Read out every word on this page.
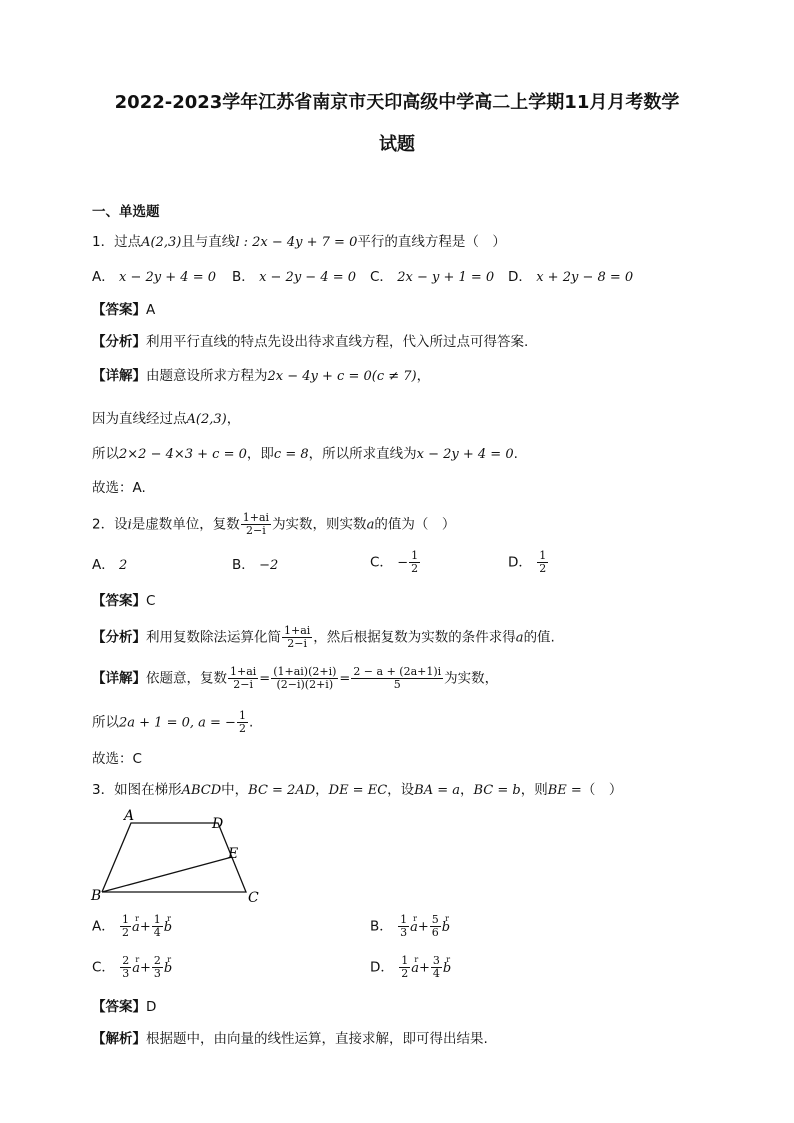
2022-2023学年江苏省南京市天印高级中学高二上学期11月月考数学
试题
一、单选题
1．过点A(2,3)且与直线l : 2x − 4y + 7 = 0平行的直线方程是（　）
A． x − 2y + 4 = 0 B． x − 2y − 4 = 0 C． 2x − y + 1 = 0 D． x + 2y − 8 = 0
【答案】A
【分析】利用平行直线的特点先设出待求直线方程，代入所过点可得答案.
【详解】由题意设所求方程为2x − 4y + c = 0(c ≠ 7)，
因为直线经过点A(2,3)，
所以2×2 − 4×3 + c = 0，即c = 8，所以所求直线为x − 2y + 4 = 0.
故选：A.
2．设i是虚数单位，复数 $\frac{1+ai}{2-i}$ 为实数，则实数a的值为（　）
A． 2	B． −2	C． − $\frac{1}{2}$	D． $\frac{1}{2}$
【答案】C
【分析】利用复数除法运算化简 $\frac{1+ai}{2-i}$ ，然后根据复数为实数的条件求得a的值.
【详解】依题意，复数 $\frac{1+ai}{2-i} = \frac{(1+ai)(2+i)}{(2-i)(2+i)} = \frac{2 - a + (2a+1)i}{5}$ 为实数，
所以2a + 1 = 0, a = − $\frac{1}{2}$ .
故选：C
3．如图在梯形ABCD中，BC = 2AD，DE = EC，设BA = a，BC = b，则BE =（　）
A	D
E
B	C
A． $\frac{1}{2}$ r $a+ \frac{1}{4}$ r b	B． $\frac{1}{3}$ r $a+ \frac{5}{6}$ r b
C． $\frac{2}{3}$ r $a+ \frac{2}{3}$ r b	D． $\frac{1}{2}$ r $a+ \frac{3}{4}$ r b
【答案】D
【解析】根据题中，由向量的线性运算，直接求解，即可得出结果.
